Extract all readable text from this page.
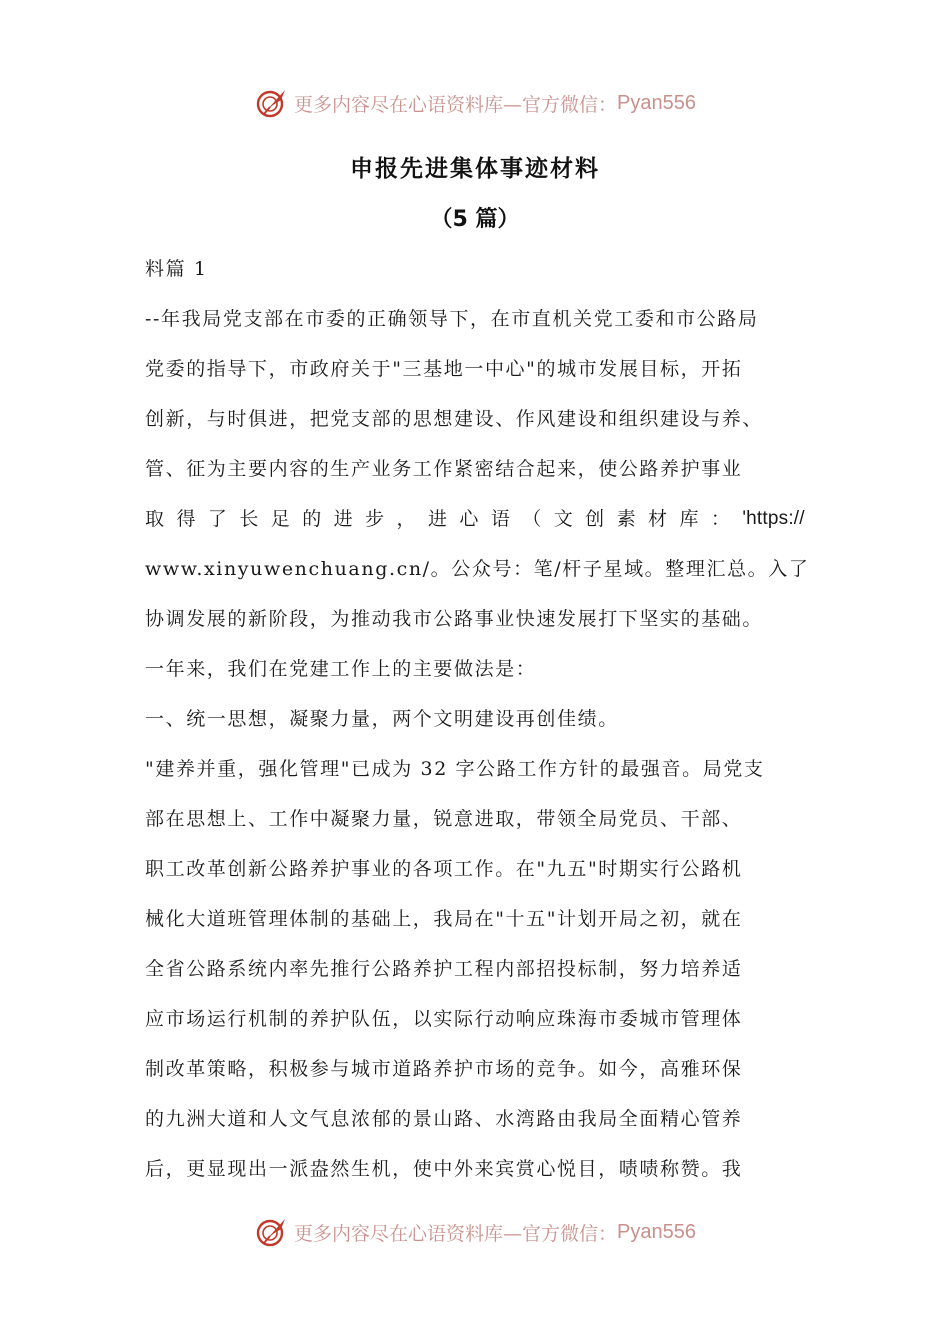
更多内容尽在心语资料库—官方微信： Pyan556
申报先进集体事迹材料
（5 篇）
料篇 1
--年我局党支部在市委的正确领导下，在市直机关党工委和市公路局
党委的指导下，市政府关于"三基地一中心"的城市发展目标，开拓
创新，与时俱进，把党支部的思想建设、作风建设和组织建设与养、
管、征为主要内容的生产业务工作紧密结合起来，使公路养护事业
取 得 了 长 足 的 进 步 ， 进 心 语 （ 文 创 素 材 库 ： 'https://
www.xinyuwenchuang.cn/。公众号：笔/杆子星域。整理汇总。入了
协调发展的新阶段，为推动我市公路事业快速发展打下坚实的基础。
一年来，我们在党建工作上的主要做法是：
一、统一思想，凝聚力量，两个文明建设再创佳绩。
"建养并重，强化管理"已成为 32 字公路工作方针的最强音。局党支
部在思想上、工作中凝聚力量，锐意进取，带领全局党员、干部、
职工改革创新公路养护事业的各项工作。在"九五"时期实行公路机
械化大道班管理体制的基础上，我局在"十五"计划开局之初，就在
全省公路系统内率先推行公路养护工程内部招投标制，努力培养适
应市场运行机制的养护队伍，以实际行动响应珠海市委城市管理体
制改革策略，积极参与城市道路养护市场的竞争。如今，高雅环保
的九洲大道和人文气息浓郁的景山路、水湾路由我局全面精心管养
后，更显现出一派盎然生机，使中外来宾赏心悦目，啧啧称赞。我
更多内容尽在心语资料库—官方微信： Pyan556
